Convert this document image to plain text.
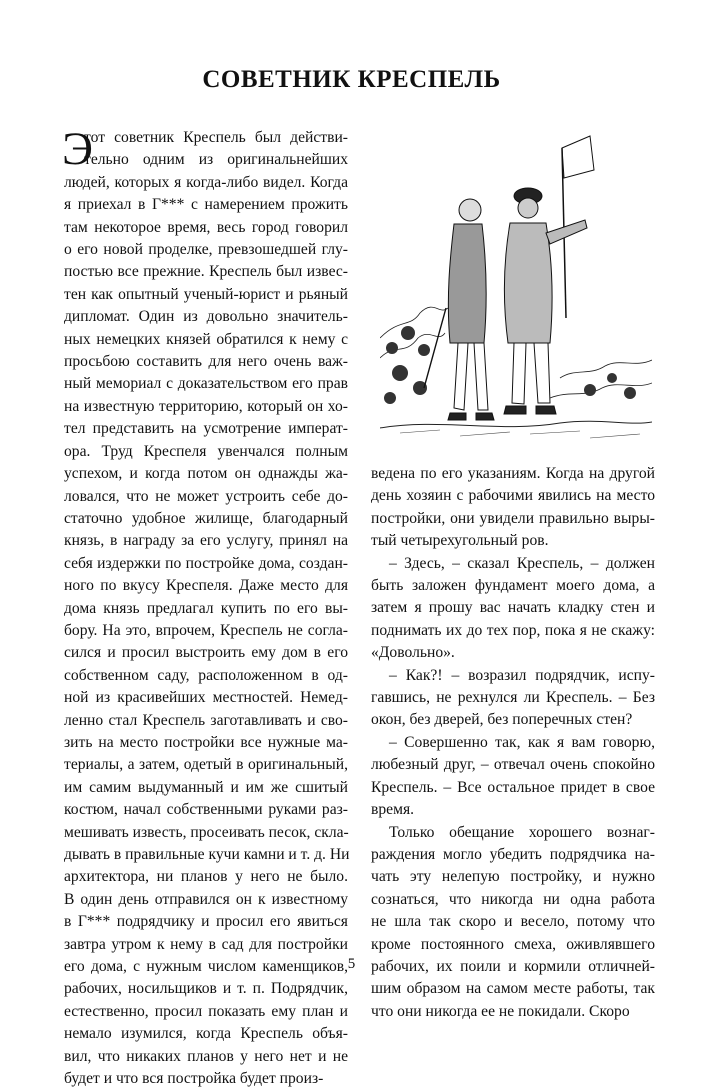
СОВЕТНИК КРЕСПЕЛЬ
Э
тот советник Креспель был действи-
тельно одним из оригинальнейших
людей, которых я когда-либо видел. Когда
я приехал в Г*** с намерением прожить
там некоторое время, весь город говорил
о его новой проделке, превзошедшей глу-
постью все прежние. Креспель был извес-
тен как опытный ученый-юрист и рьяный
дипломат. Один из довольно значитель-
ных немецких князей обратился к нему с
просьбою составить для него очень важ-
ный мемориал с доказательством его прав
на известную территорию, который он хо-
тел представить на усмотрение императ-
ора. Труд Креспеля увенчался полным
успехом, и когда потом он однажды жа-
ловался, что не может устроить себе до-
статочно удобное жилище, благодарный
князь, в награду за его услугу, принял на
себя издержки по постройке дома, создан-
ного по вкусу Креспеля. Даже место для
дома князь предлагал купить по его вы-
бору. На это, впрочем, Креспель не согла-
сился и просил выстроить ему дом в его
собственном саду, расположенном в од-
ной из красивейших местностей. Немед-
ленно стал Креспель заготавливать и сво-
зить на место постройки все нужные ма-
териалы, а затем, одетый в оригинальный,
им самим выдуманный и им же сшитый
костюм, начал собственными руками раз-
мешивать известь, просеивать песок, скла-
дывать в правильные кучи камни и т. д. Ни
архитектора, ни планов у него не было.
В один день отправился он к известному
в Г*** подрядчику и просил его явиться
завтра утром к нему в сад для постройки
его дома, с нужным числом каменщиков,
рабочих, носильщиков и т. п. Подрядчик,
естественно, просил показать ему план и
немало изумился, когда Креспель объя-
вил, что никаких планов у него нет и не
будет и что вся постройка будет произ-
ведена по его указаниям. Когда на другой
день хозяин с рабочими явились на место
постройки, они увидели правильно выры-
тый четырехугольный ров.
– Здесь, – сказал Креспель, – должен
быть заложен фундамент моего дома, а
затем я прошу вас начать кладку стен и
поднимать их до тех пор, пока я не скажу:
«Довольно».
– Как?! – возразил подрядчик, испу-
гавшись, не рехнулся ли Креспель. – Без
окон, без дверей, без поперечных стен?
– Совершенно так, как я вам говорю,
любезный друг, – отвечал очень спокойно
Креспель. – Все остальное придет в свое
время.
Только обещание хорошего вознаг-
раждения могло убедить подрядчика на-
чать эту нелепую постройку, и нужно
сознаться, что никогда ни одна работа
не шла так скоро и весело, потому что
кроме постоянного смеха, оживлявшего
рабочих, их поили и кормили отличней-
шим образом на самом месте работы, так
что они никогда ее не покидали. Скоро
5
